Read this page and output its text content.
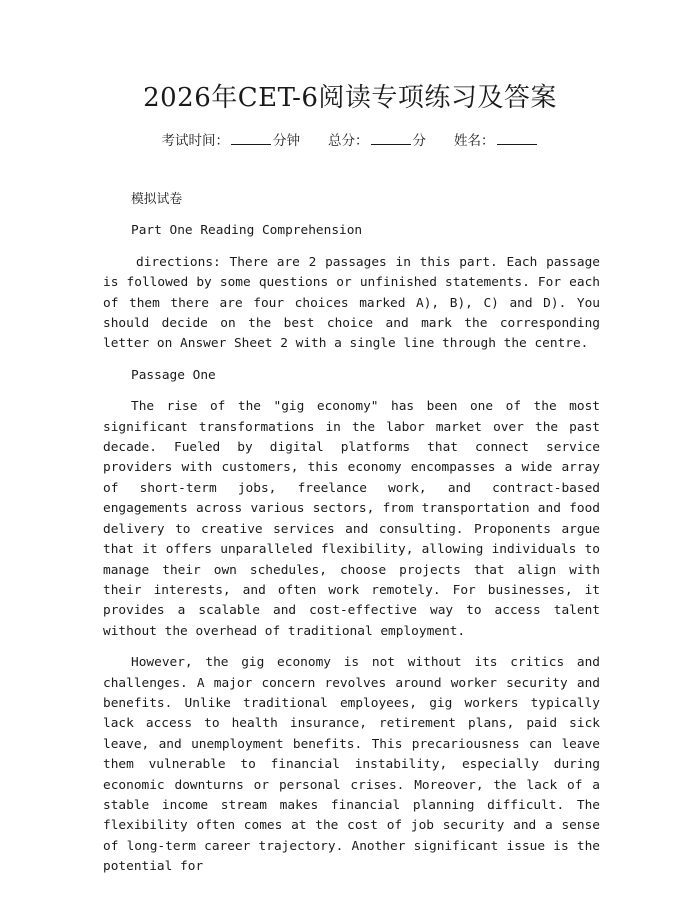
2026年CET-6阅读专项练习及答案
考试时间：	分钟 总分：	分 姓名：

模拟试卷

Part One Reading Comprehension

directions: There are 2 passages in this part. Each passage is followed by some questions or unfinished statements. For each of them there are four choices marked A), B), C) and D). You should decide on the best choice and mark the corresponding letter on Answer Sheet 2 with a single line through the centre.

Passage One

The rise of the "gig economy" has been one of the most significant transformations in the labor market over the past decade. Fueled by digital platforms that connect service providers with customers, this economy encompasses a wide array of short-term jobs, freelance work, and contract-based engagements across various sectors, from transportation and food delivery to creative services and consulting. Proponents argue that it offers unparalleled flexibility, allowing individuals to manage their own schedules, choose projects that align with their interests, and often work remotely. For businesses, it provides a scalable and cost-effective way to access talent without the overhead of traditional employment.

However, the gig economy is not without its critics and challenges. A major concern revolves around worker security and benefits. Unlike traditional employees, gig workers typically lack access to health insurance, retirement plans, paid sick leave, and unemployment benefits. This precariousness can leave them vulnerable to financial instability, especially during economic downturns or personal crises. Moreover, the lack of a stable income stream makes financial planning difficult. The flexibility often comes at the cost of job security and a sense of long-term career trajectory. Another significant issue is the potential for
